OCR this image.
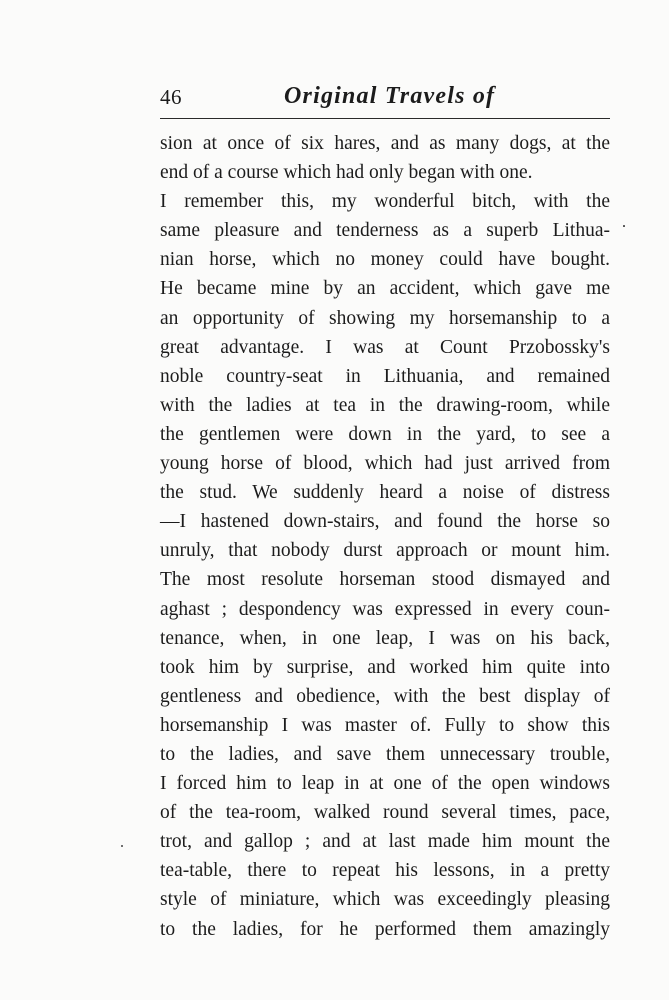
46	Original Travels of
sion at once of six hares, and as many dogs, at the
end of a course which had only began with one.
I remember this, my wonderful bitch, with the
same pleasure and tenderness as a superb Lithua-
nian horse, which no money could have bought.
He became mine by an accident, which gave me
an opportunity of showing my horsemanship to a
great advantage. I was at Count Przobossky's
noble country-seat in Lithuania, and remained
with the ladies at tea in the drawing-room, while
the gentlemen were down in the yard, to see a
young horse of blood, which had just arrived from
the stud. We suddenly heard a noise of distress
—I hastened down-stairs, and found the horse so
unruly, that nobody durst approach or mount him.
The most resolute horseman stood dismayed and
aghast ; despondency was expressed in every coun-
tenance, when, in one leap, I was on his back,
took him by surprise, and worked him quite into
gentleness and obedience, with the best display of
horsemanship I was master of. Fully to show this
to the ladies, and save them unnecessary trouble,
I forced him to leap in at one of the open windows
of the tea-room, walked round several times, pace,
trot, and gallop ; and at last made him mount the
tea-table, there to repeat his lessons, in a pretty
style of miniature, which was exceedingly pleasing
to the ladies, for he performed them amazingly
